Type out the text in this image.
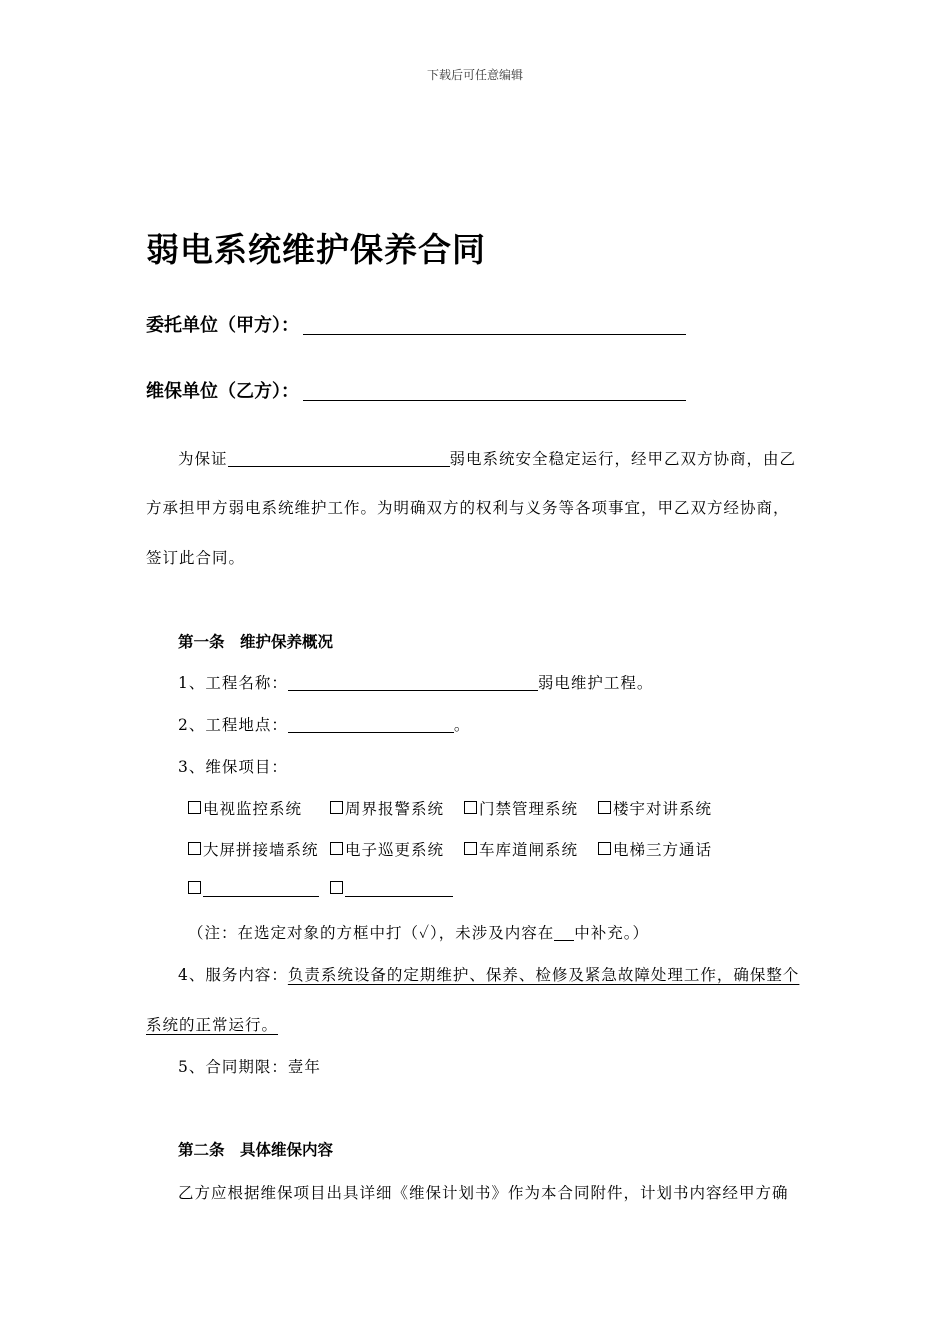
下载后可任意编辑
弱电系统维护保养合同
委托单位（甲方）：
维保单位（乙方）：
为保证	弱电系统安全稳定运行，经甲乙双方协商，由乙
方承担甲方弱电系统维护工作。为明确双方的权利与义务等各项事宜，甲乙双方经协商，
签订此合同。
第一条　维护保养概况
1、工程名称：	弱电维护工程。
2、工程地点：	。
3、维保项目：
电视监控系统	周界报警系统	门禁管理系统	楼宇对讲系统
大屏拼接墙系统	电子巡更系统	车库道闸系统	电梯三方通话
（注：在选定对象的方框中打（✓），未涉及内容在 中补充。）
4、服务内容：负责系统设备的定期维护、保养、检修及紧急故障处理工作，确保整个
系统的正常运行。
5、合同期限：壹年
第二条　具体维保内容
乙方应根据维保项目出具详细《维保计划书》作为本合同附件，计划书内容经甲方确
